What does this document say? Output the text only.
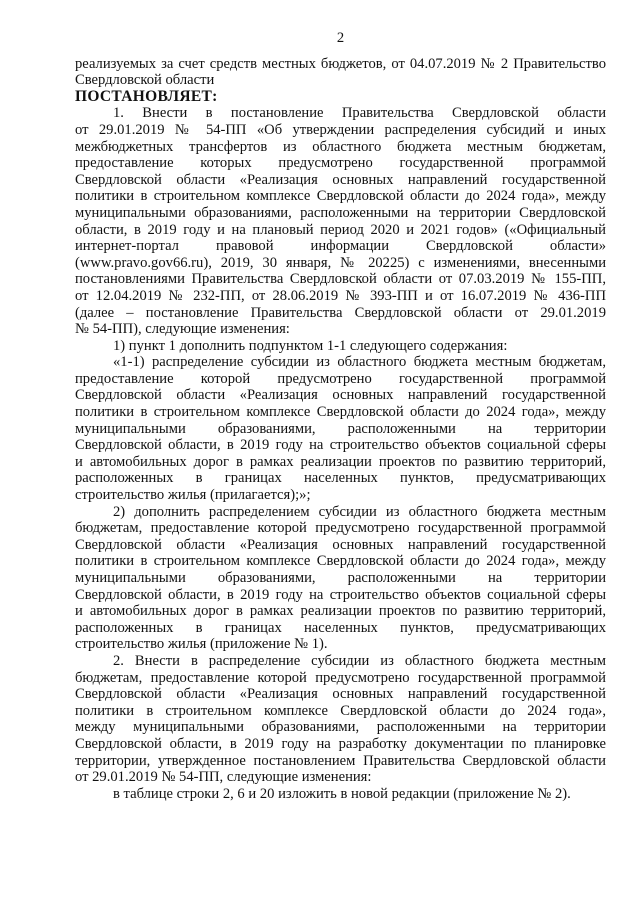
2
реализуемых за счет средств местных бюджетов, от 04.07.2019 № 2 Правительство
Свердловской области
ПОСТАНОВЛЯЕТ:
1. Внести в постановление Правительства Свердловской области
от 29.01.2019 № 54-ПП «Об утверждении распределения субсидий и иных
межбюджетных трансфертов из областного бюджета местным бюджетам,
предоставление которых предусмотрено государственной программой
Свердловской области «Реализация основных направлений государственной
политики в строительном комплексе Свердловской области до 2024 года», между
муниципальными образованиями, расположенными на территории Свердловской
области, в 2019 году и на плановый период 2020 и 2021 годов» («Официальный
интернет-портал правовой информации Свердловской области»
(www.pravo.gov66.ru), 2019, 30 января, № 20225) с изменениями, внесенными
постановлениями Правительства Свердловской области от 07.03.2019 № 155-ПП,
от 12.04.2019 № 232-ПП, от 28.06.2019 № 393-ПП и от 16.07.2019 № 436-ПП
(далее – постановление Правительства Свердловской области от 29.01.2019
№ 54-ПП), следующие изменения:
1) пункт 1 дополнить подпунктом 1-1 следующего содержания:
«1-1) распределение субсидии из областного бюджета местным бюджетам,
предоставление которой предусмотрено государственной программой
Свердловской области «Реализация основных направлений государственной
политики в строительном комплексе Свердловской области до 2024 года», между
муниципальными образованиями, расположенными на территории
Свердловской области, в 2019 году на строительство объектов социальной сферы
и автомобильных дорог в рамках реализации проектов по развитию территорий,
расположенных в границах населенных пунктов, предусматривающих
строительство жилья (прилагается);»;
2) дополнить распределением субсидии из областного бюджета местным
бюджетам, предоставление которой предусмотрено государственной программой
Свердловской области «Реализация основных направлений государственной
политики в строительном комплексе Свердловской области до 2024 года», между
муниципальными образованиями, расположенными на территории
Свердловской области, в 2019 году на строительство объектов социальной сферы
и автомобильных дорог в рамках реализации проектов по развитию территорий,
расположенных в границах населенных пунктов, предусматривающих
строительство жилья (приложение № 1).
2. Внести в распределение субсидии из областного бюджета местным
бюджетам, предоставление которой предусмотрено государственной программой
Свердловской области «Реализация основных направлений государственной
политики в строительном комплексе Свердловской области до 2024 года»,
между муниципальными образованиями, расположенными на территории
Свердловской области, в 2019 году на разработку документации по планировке
территории, утвержденное постановлением Правительства Свердловской области
от 29.01.2019 № 54-ПП, следующие изменения:
в таблице строки 2, 6 и 20 изложить в новой редакции (приложение № 2).
